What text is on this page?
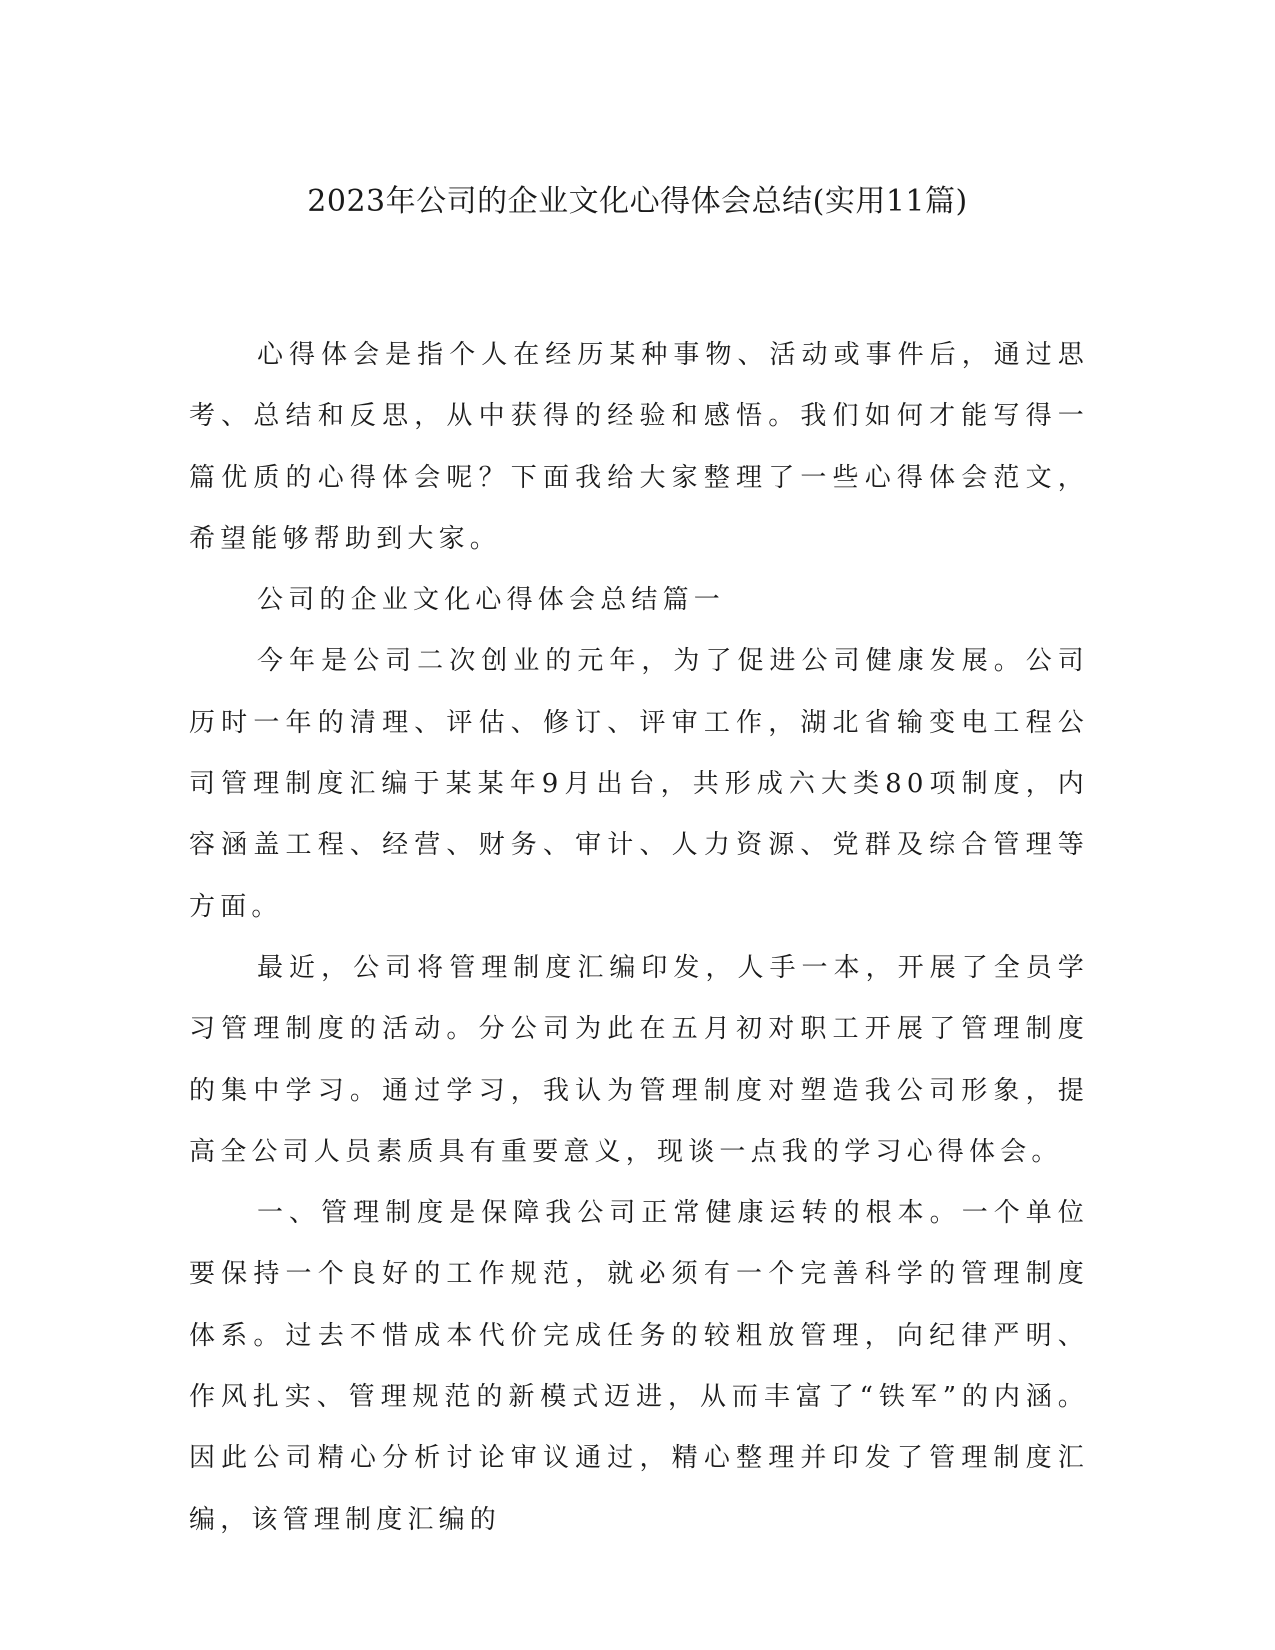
2023年公司的企业文化心得体会总结(实用11篇)

心得体会是指个人在经历某种事物、活动或事件后，通过思考、总结和反思，从中获得的经验和感悟。我们如何才能写得一篇优质的心得体会呢？下面我给大家整理了一些心得体会范文，希望能够帮助到大家。

公司的企业文化心得体会总结篇一

今年是公司二次创业的元年，为了促进公司健康发展。公司历时一年的清理、评估、修订、评审工作，湖北省输变电工程公司管理制度汇编于某某年9月出台，共形成六大类80项制度，内容涵盖工程、经营、财务、审计、人力资源、党群及综合管理等方面。

最近，公司将管理制度汇编印发，人手一本，开展了全员学习管理制度的活动。分公司为此在五月初对职工开展了管理制度的集中学习。通过学习，我认为管理制度对塑造我公司形象，提高全公司人员素质具有重要意义，现谈一点我的学习心得体会。

一、管理制度是保障我公司正常健康运转的根本。一个单位要保持一个良好的工作规范，就必须有一个完善科学的管理制度体系。过去不惜成本代价完成任务的较粗放管理，向纪律严明、作风扎实、管理规范的新模式迈进，从而丰富了“铁军”的内涵。因此公司精心分析讨论审议通过，精心整理并印发了管理制度汇编，该管理制度汇编的
